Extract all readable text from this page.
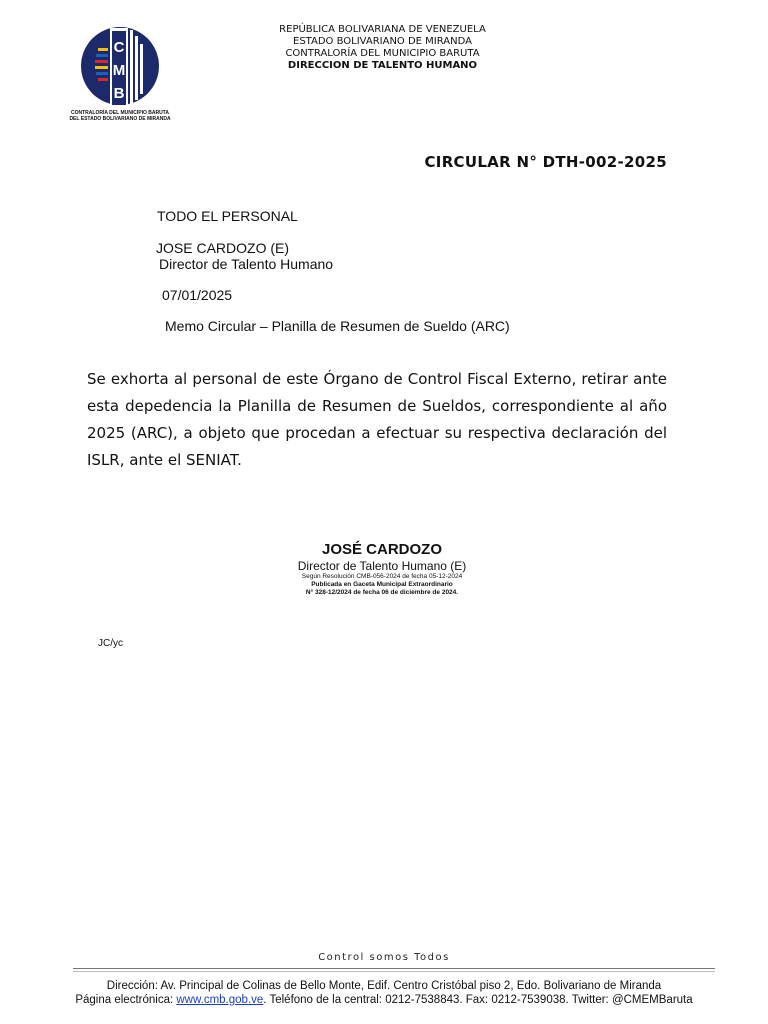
C
M
B
CONTRALORÍA DEL MUNICIPIO BARUTA
DEL ESTADO BOLIVARIANO DE MIRANDA
REPÚBLICA BOLIVARIANA DE VENEZUELA
ESTADO BOLIVARIANO DE MIRANDA
CONTRALORÍA DEL MUNICIPIO BARUTA
DIRECCION DE TALENTO HUMANO
CIRCULAR N° DTH-002-2025
TODO EL PERSONAL
JOSE CARDOZO (E)
Director de Talento Humano
07/01/2025
Memo Circular – Planilla de Resumen de Sueldo (ARC)
Se exhorta al personal de este Órgano de Control Fiscal Externo, retirar ante esta depedencia la Planilla de Resumen de Sueldos, correspondiente al año 2025 (ARC), a objeto que procedan a efectuar su respectiva declaración del ISLR, ante el SENIAT.
JOSÉ CARDOZO
Director de Talento Humano (E)
Según Resolución CMB-056-2024 de fecha 05-12-2024
Publicada en Gaceta Municipal Extraordinario
N° 328-12/2024 de fecha 06 de diciembre de 2024.
JC/yc
Control somos Todos
Dirección: Av. Principal de Colinas de Bello Monte, Edif. Centro Cristóbal piso 2, Edo. Bolivariano de Miranda
Página electrónica: www.cmb.gob.ve. Teléfono de la central: 0212-7538843. Fax: 0212-7539038. Twitter: @CMEMBaruta
